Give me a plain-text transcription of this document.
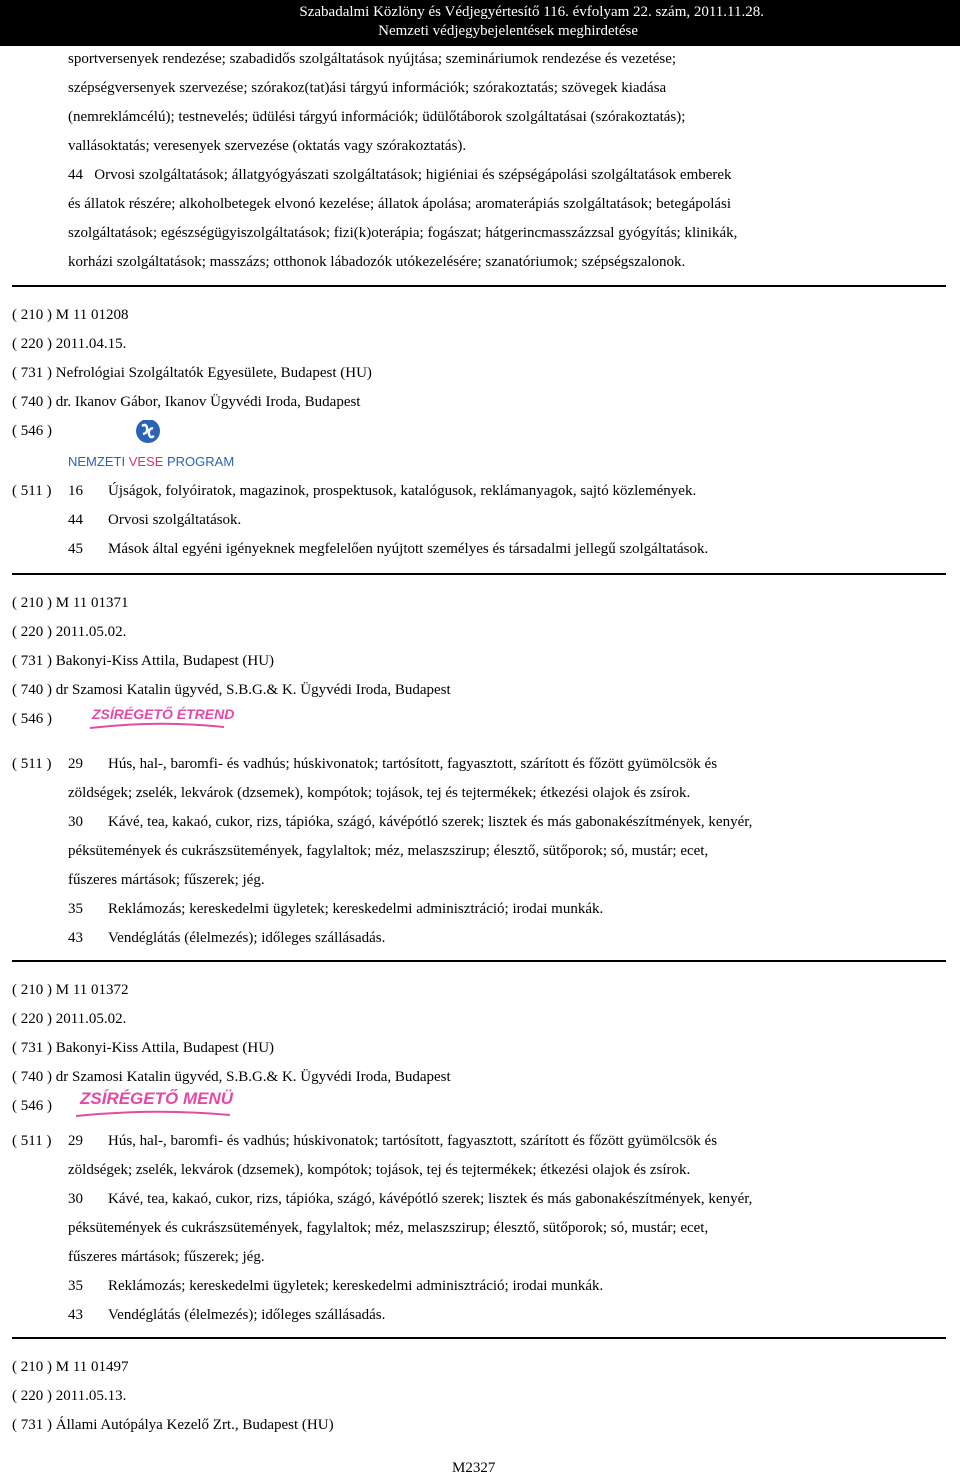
Szabadalmi Közlöny és Védjegyértesítő 116. évfolyam 22. szám, 2011.11.28.
Nemzeti védjegybejelentések meghirdetése
sportversenyek rendezése; szabadidős szolgáltatások nyújtása; szemináriumok rendezése és vezetése;
szépségversenyek szervezése; szórakoz(tat)ási tárgyú információk; szórakoztatás; szövegek kiadása
(nemreklámcélú); testnevelés; üdülési tárgyú információk; üdülőtáborok szolgáltatásai (szórakoztatás);
vallásoktatás; veresenyek szervezése (oktatás vagy szórakoztatás).
44   Orvosi szolgáltatások; állatgyógyászati szolgáltatások; higiéniai és szépségápolási szolgáltatások emberek
és állatok részére; alkoholbetegek elvonó kezelése; állatok ápolása; aromaterápiás szolgáltatások; betegápolási
szolgáltatások; egészségügyiszolgáltatások; fizi(k)oterápia; fogászat; hátgerincmasszázzsal gyógyítás; klinikák,
korházi szolgáltatások; masszázs; otthonok lábadozók utókezelésére; szanatóriumok; szépségszalonok.
( 210 ) M 11 01208
( 220 ) 2011.04.15.
( 731 ) Nefrológiai Szolgáltatók Egyesülete, Budapest (HU)
( 740 ) dr. Ikanov Gábor, Ikanov Ügyvédi Iroda, Budapest
( 546 )
NEMZETI VESE PROGRAM
( 511 ) 16 Újságok, folyóiratok, magazinok, prospektusok, katalógusok, reklámanyagok, sajtó közlemények.
44 Orvosi szolgáltatások.
45 Mások által egyéni igényeknek megfelelően nyújtott személyes és társadalmi jellegű szolgáltatások.
( 210 ) M 11 01371
( 220 ) 2011.05.02.
( 731 ) Bakonyi-Kiss Attila, Budapest (HU)
( 740 ) dr Szamosi Katalin ügyvéd, S.B.G.& K. Ügyvédi Iroda, Budapest
( 546 )	ZSÍRÉGETŐ ÉTREND
( 511 ) 29 Hús, hal-, baromfi- és vadhús; húskivonatok; tartósított, fagyasztott, szárított és főzött gyümölcsök és
zöldségek; zselék, lekvárok (dzsemek), kompótok; tojások, tej és tejtermékek; étkezési olajok és zsírok.
30 Kávé, tea, kakaó, cukor, rizs, tápióka, szágó, kávépótló szerek; lisztek és más gabonakészítmények, kenyér,
péksütemények és cukrászsütemények, fagylaltok; méz, melaszszirup; élesztő, sütőporok; só, mustár; ecet,
fűszeres mártások; fűszerek; jég.
35 Reklámozás; kereskedelmi ügyletek; kereskedelmi adminisztráció; irodai munkák.
43 Vendéglátás (élelmezés); időleges szállásadás.
( 210 ) M 11 01372
( 220 ) 2011.05.02.
( 731 ) Bakonyi-Kiss Attila, Budapest (HU)
( 740 ) dr Szamosi Katalin ügyvéd, S.B.G.& K. Ügyvédi Iroda, Budapest
( 546 )	ZSÍRÉGETŐ MENÜ
( 511 ) 29 Hús, hal-, baromfi- és vadhús; húskivonatok; tartósított, fagyasztott, szárított és főzött gyümölcsök és
zöldségek; zselék, lekvárok (dzsemek), kompótok; tojások, tej és tejtermékek; étkezési olajok és zsírok.
30 Kávé, tea, kakaó, cukor, rizs, tápióka, szágó, kávépótló szerek; lisztek és más gabonakészítmények, kenyér,
péksütemények és cukrászsütemények, fagylaltok; méz, melaszszirup; élesztő, sütőporok; só, mustár; ecet,
fűszeres mártások; fűszerek; jég.
35 Reklámozás; kereskedelmi ügyletek; kereskedelmi adminisztráció; irodai munkák.
43 Vendéglátás (élelmezés); időleges szállásadás.
( 210 ) M 11 01497
( 220 ) 2011.05.13.
( 731 ) Állami Autópálya Kezelő Zrt., Budapest (HU)
M2327
